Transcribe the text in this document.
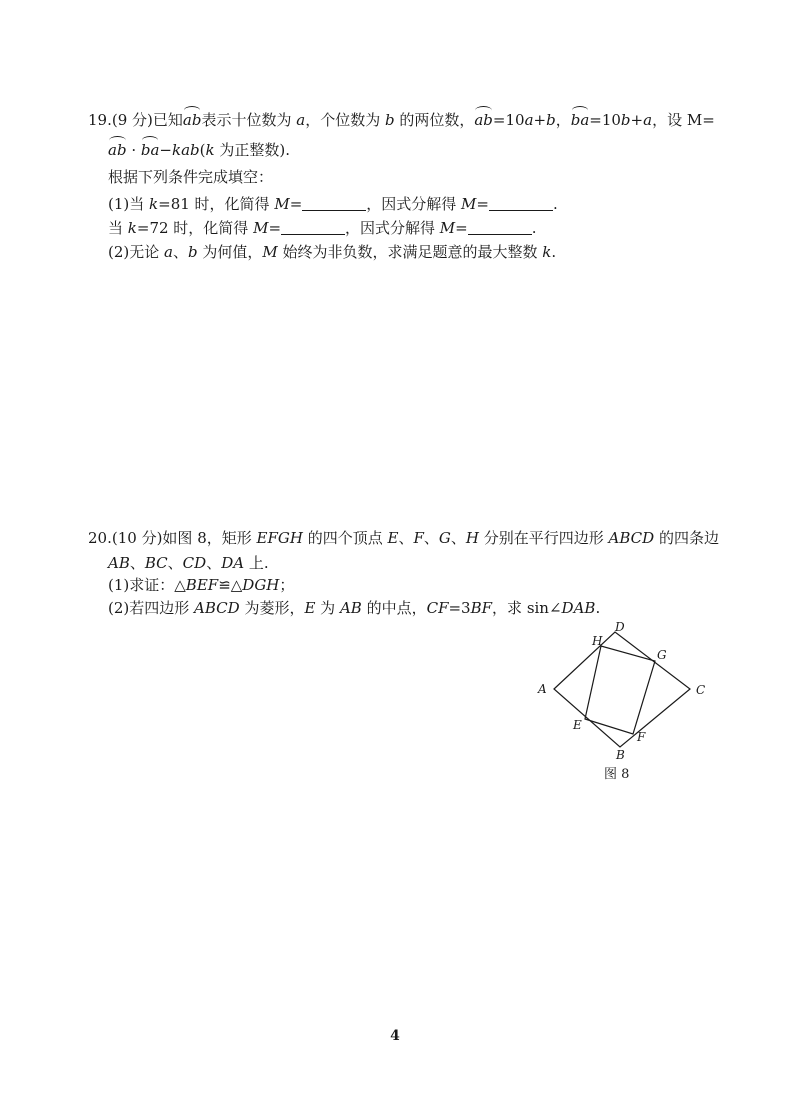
19.(9 分)已知ab表示十位数为 a，个位数为 b 的两位数，ab=10a+b，ba=10b+a，设 M=
ab · ba−kab(k 为正整数).
根据下列条件完成填空：
(1)当 k=81 时，化简得 M=	，因式分解得 M=	.
当 k=72 时，化简得 M=	，因式分解得 M=	.
(2)无论 a、b 为何值，M 始终为非负数，求满足题意的最大整数 k.
20.(10 分)如图 8，矩形 EFGH 的四个顶点 E、F、G、H 分别在平行四边形 ABCD 的四条边
AB、BC、CD、DA 上.
(1)求证：△BEF≌△DGH；
(2)若四边形 ABCD 为菱形，E 为 AB 的中点，CF=3BF，求 sin∠DAB.
A
B
C
D
E
F
G
H
图 8
4
